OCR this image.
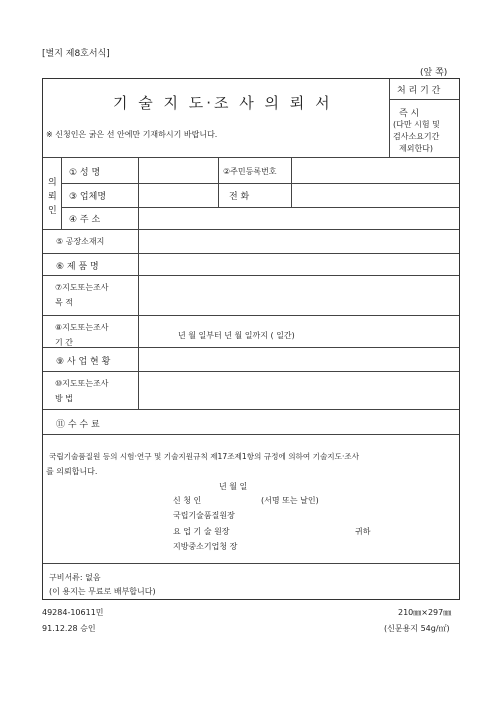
[별지 제8호서식]
(앞 쪽)
기 술 지 도·조 사 의 뢰 서
※ 신청인은 굵은 선 안에만 기재하시기 바랍니다.
처 리 기 간
즉 시
(다만 시험 및
검사소요기간
제외한다)
의
뢰
인
① 성 명	②주민등록번호
③ 업체명	전 화
④ 주 소
⑤ 공장소재지
⑥ 제 품 명
⑦지도또는조사
목 적
⑧지도또는조사
기 간
년 월 일부터 년 월 일까지 ( 일간)
⑨ 사 업 현 황
⑩지도또는조사
방 법
⑪ 수 수 료
국립기술품질원 등의 시험·연구 및 기술지원규칙 제17조제1항의 규정에 의하여 기술지도·조사
를 의뢰합니다.
년 월 일
신 청 인	(서명 또는 날인)
국립기술품질원장
요 업 기 술 원장	귀하
지방중소기업청 장
구비서류: 없음
(이 용지는 무료로 배부합니다)
49284-10611민
91.12.28 승인
210㎜×297㎜
(신문용지 54g/㎡)
